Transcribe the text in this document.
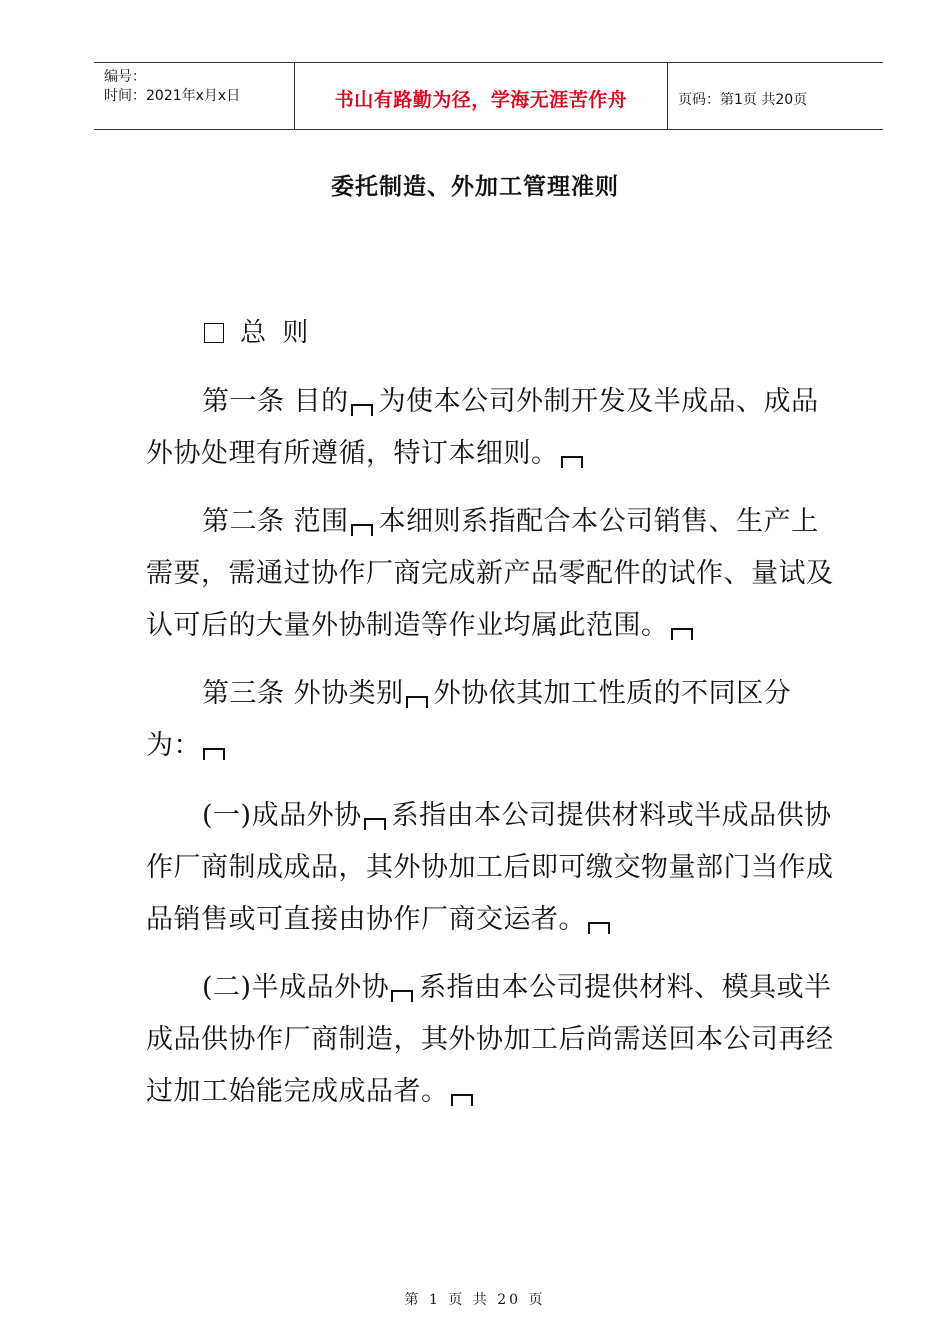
编号：
时间：2021年x月x日	书山有路勤为径，学海无涯苦作舟	页码：第1页 共20页
委托制造、外加工管理准则
总 则
第一条 目的 为使本公司外制开发及半成品、成品外协处理有所遵循，特订本细则。
第二条 范围 本细则系指配合本公司销售、生产上需要，需通过协作厂商完成新产品零配件的试作、量试及认可后的大量外协制造等作业均属此范围。
第三条 外协类别 外协依其加工性质的不同区分为：
(一)成品外协 系指由本公司提供材料或半成品供协作厂商制成成品，其外协加工后即可缴交物量部门当作成品销售或可直接由协作厂商交运者。
(二)半成品外协 系指由本公司提供材料、模具或半成品供协作厂商制造，其外协加工后尚需送回本公司再经过加工始能完成成品者。
第 1 页 共 20 页
